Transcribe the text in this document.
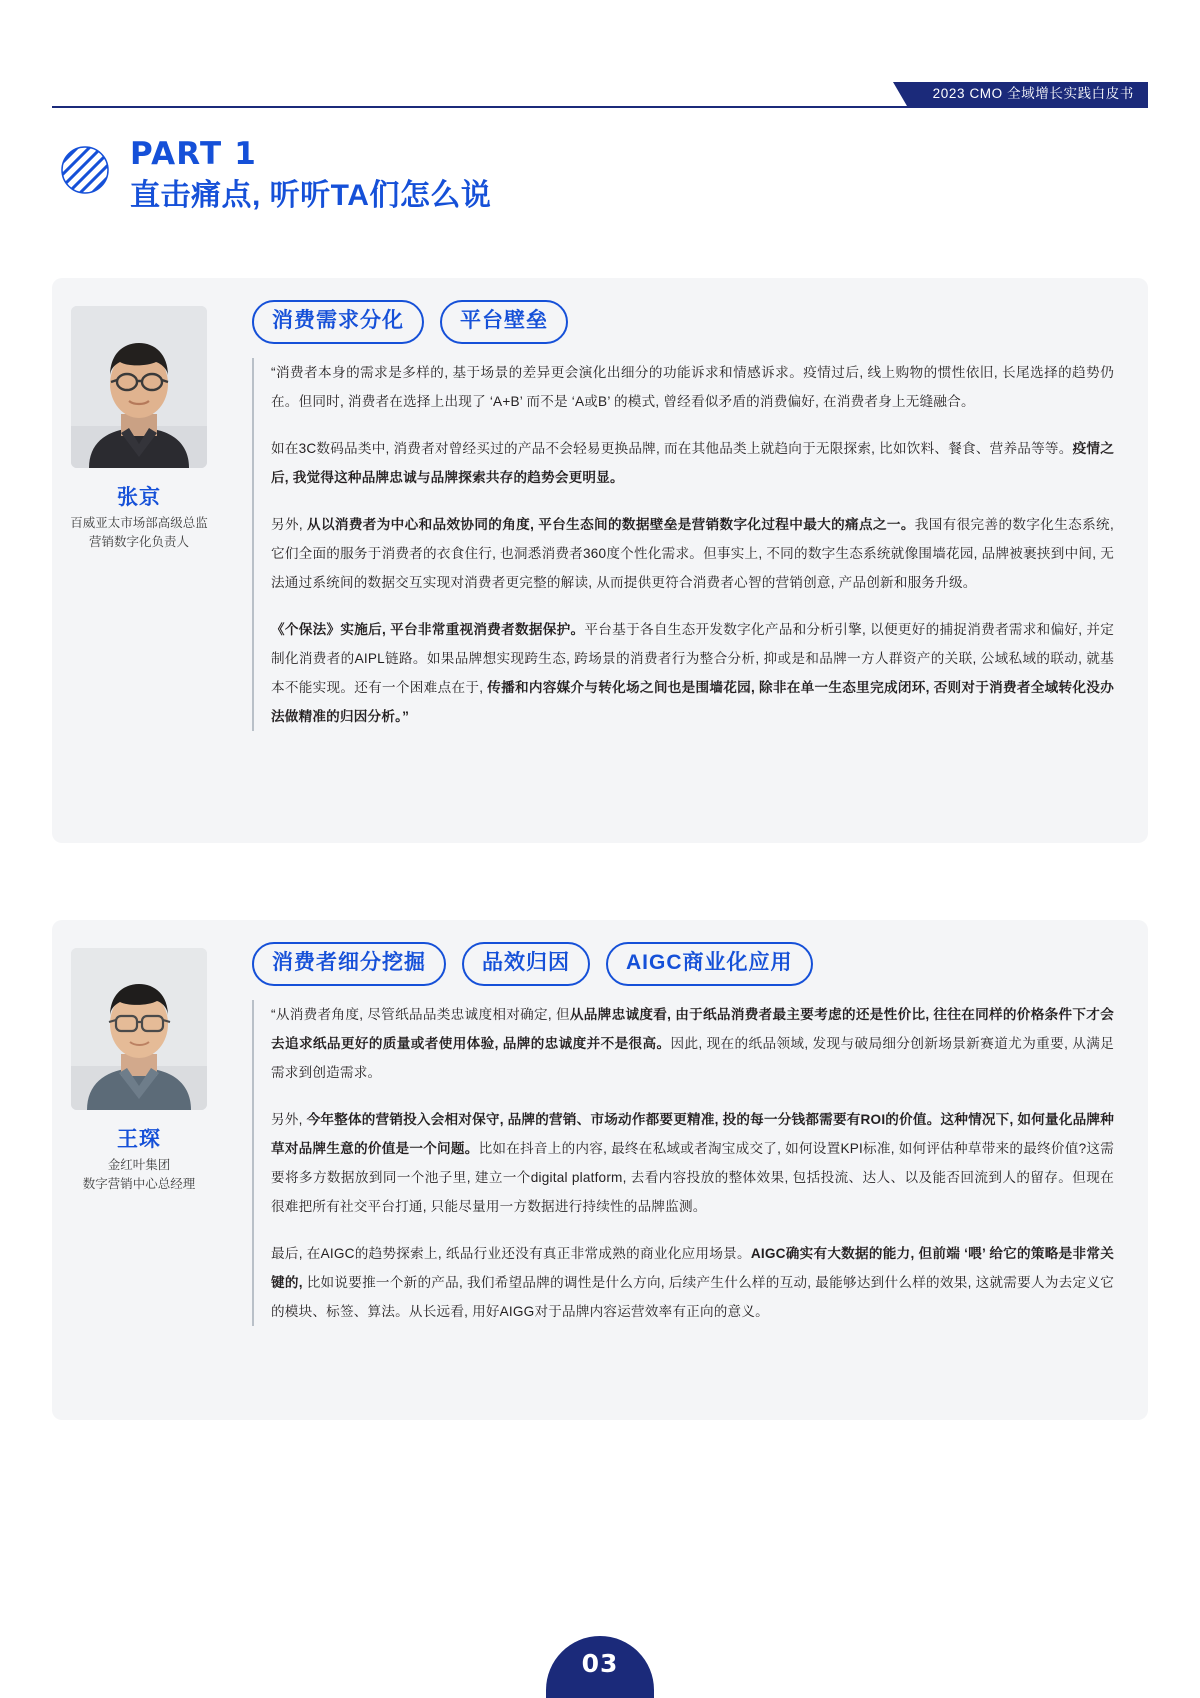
2023 CMO 全域增长实践白皮书
PART 1
直击痛点, 听听TA们怎么说
张京
百威亚太市场部高级总监
营销数字化负责人
消费需求分化	平台壁垒

“消费者本身的需求是多样的, 基于场景的差异更会演化出细分的功能诉求和情感诉求。疫情过后, 线上购物的惯性依旧, 长尾选择的趋势仍在。但同时, 消费者在选择上出现了 ‘A+B’ 而不是 ‘A或B’ 的模式, 曾经看似矛盾的消费偏好, 在消费者身上无缝融合。

如在3C数码品类中, 消费者对曾经买过的产品不会轻易更换品牌, 而在其他品类上就趋向于无限探索, 比如饮料、餐食、营养品等等。疫情之后, 我觉得这种品牌忠诚与品牌探索共存的趋势会更明显。

另外, 从以消费者为中心和品效协同的角度, 平台生态间的数据壁垒是营销数字化过程中最大的痛点之一。我国有很完善的数字化生态系统, 它们全面的服务于消费者的衣食住行, 也洞悉消费者360度个性化需求。但事实上, 不同的数字生态系统就像围墙花园, 品牌被裹挟到中间, 无法通过系统间的数据交互实现对消费者更完整的解读, 从而提供更符合消费者心智的营销创意, 产品创新和服务升级。

《个保法》实施后, 平台非常重视消费者数据保护。平台基于各自生态开发数字化产品和分析引擎, 以便更好的捕捉消费者需求和偏好, 并定制化消费者的AIPL链路。如果品牌想实现跨生态, 跨场景的消费者行为整合分析, 抑或是和品牌一方人群资产的关联, 公域私域的联动, 就基本不能实现。还有一个困难点在于, 传播和内容媒介与转化场之间也是围墙花园, 除非在单一生态里完成闭环, 否则对于消费者全域转化没办法做精准的归因分析。”

王琛
金红叶集团
数字营销中心总经理
消费者细分挖掘	品效归因	AIGC商业化应用

“从消费者角度, 尽管纸品品类忠诚度相对确定, 但从品牌忠诚度看, 由于纸品消费者最主要考虑的还是性价比, 往往在同样的价格条件下才会去追求纸品更好的质量或者使用体验, 品牌的忠诚度并不是很高。因此, 现在的纸品领域, 发现与破局细分创新场景新赛道尤为重要, 从满足需求到创造需求。

另外, 今年整体的营销投入会相对保守, 品牌的营销、市场动作都要更精准, 投的每一分钱都需要有ROI的价值。这种情况下, 如何量化品牌种草对品牌生意的价值是一个问题。比如在抖音上的内容, 最终在私域或者淘宝成交了, 如何设置KPI标准, 如何评估种草带来的最终价值?这需要将多方数据放到同一个池子里, 建立一个digital platform, 去看内容投放的整体效果, 包括投流、达人、以及能否回流到人的留存。但现在很难把所有社交平台打通, 只能尽量用一方数据进行持续性的品牌监测。

最后, 在AIGC的趋势探索上, 纸品行业还没有真正非常成熟的商业化应用场景。AIGC确实有大数据的能力, 但前端 ‘喂’ 给它的策略是非常关键的, 比如说要推一个新的产品, 我们希望品牌的调性是什么方向, 后续产生什么样的互动, 最能够达到什么样的效果, 这就需要人为去定义它的模块、标签、算法。从长远看, 用好AIGG对于品牌内容运营效率有正向的意义。

03
